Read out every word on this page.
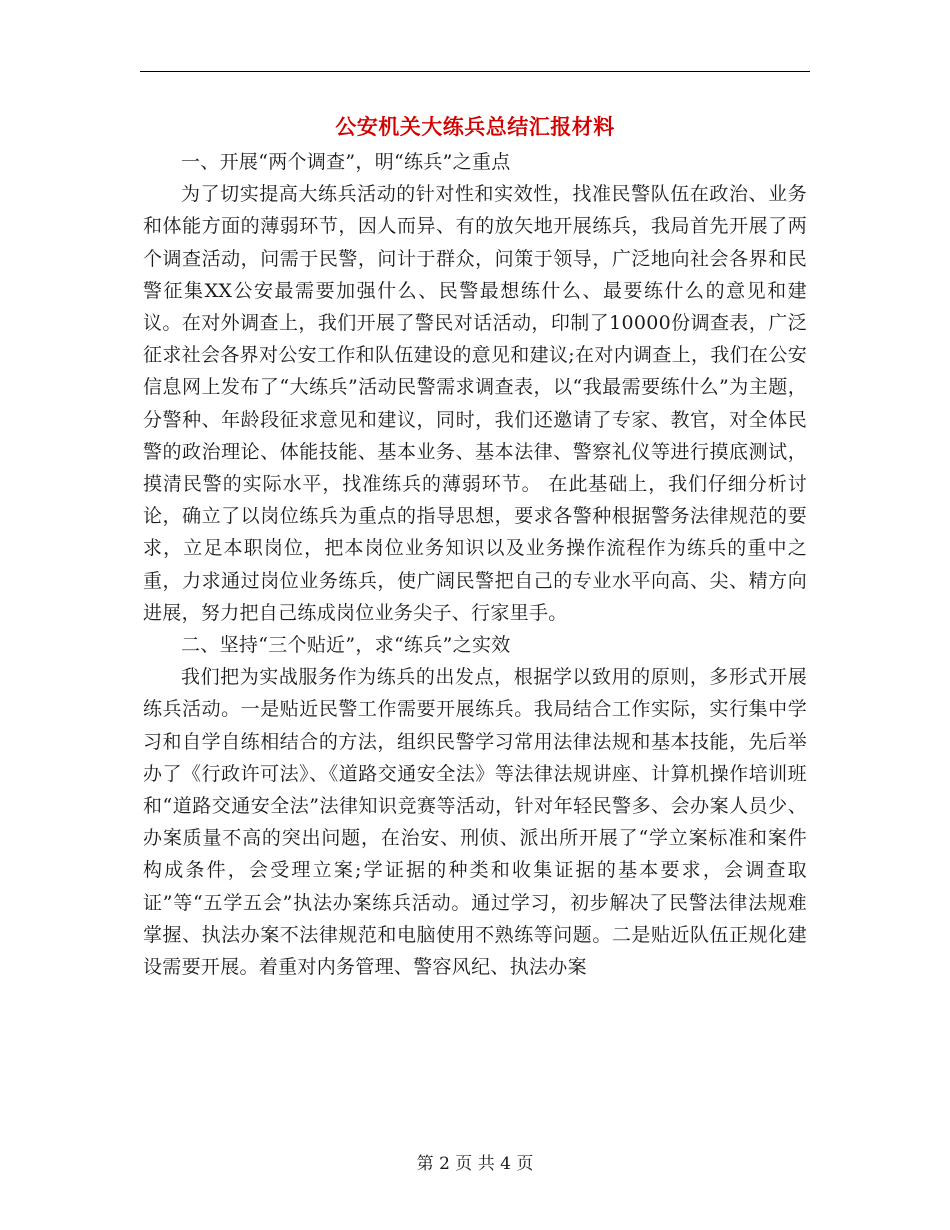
公安机关大练兵总结汇报材料

一、开展“两个调查”，明“练兵”之重点

为了切实提高大练兵活动的针对性和实效性，找准民警队伍在政治、业务和体能方面的薄弱环节，因人而异、有的放矢地开展练兵，我局首先开展了两个调查活动，问需于民警，问计于群众，问策于领导，广泛地向社会各界和民警征集XX公安最需要加强什么、民警最想练什么、最要练什么的意见和建议。在对外调查上，我们开展了警民对话活动，印制了10000份调查表，广泛征求社会各界对公安工作和队伍建设的意见和建议;在对内调查上，我们在公安信息网上发布了“大练兵”活动民警需求调查表，以“我最需要练什么”为主题，分警种、年龄段征求意见和建议，同时，我们还邀请了专家、教官，对全体民警的政治理论、体能技能、基本业务、基本法律、警察礼仪等进行摸底测试，摸清民警的实际水平，找准练兵的薄弱环节。 在此基础上，我们仔细分析讨论，确立了以岗位练兵为重点的指导思想，要求各警种根据警务法律规范的要求，立足本职岗位，把本岗位业务知识以及业务操作流程作为练兵的重中之重，力求通过岗位业务练兵，使广阔民警把自己的专业水平向高、尖、精方向进展，努力把自己练成岗位业务尖子、行家里手。

二、坚持“三个贴近”，求“练兵”之实效

我们把为实战服务作为练兵的出发点，根据学以致用的原则，多形式开展练兵活动。一是贴近民警工作需要开展练兵。我局结合工作实际，实行集中学习和自学自练相结合的方法，组织民警学习常用法律法规和基本技能，先后举办了《行政许可法》、《道路交通安全法》等法律法规讲座、计算机操作培训班和“道路交通安全法”法律知识竞赛等活动，针对年轻民警多、会办案人员少、办案质量不高的突出问题，在治安、刑侦、派出所开展了“学立案标准和案件构成条件，会受理立案;学证据的种类和收集证据的基本要求，会调查取证”等“五学五会”执法办案练兵活动。通过学习，初步解决了民警法律法规难掌握、执法办案不法律规范和电脑使用不熟练等问题。二是贴近队伍正规化建设需要开展。着重对内务管理、警容风纪、执法办案

第 2 页 共 4 页
